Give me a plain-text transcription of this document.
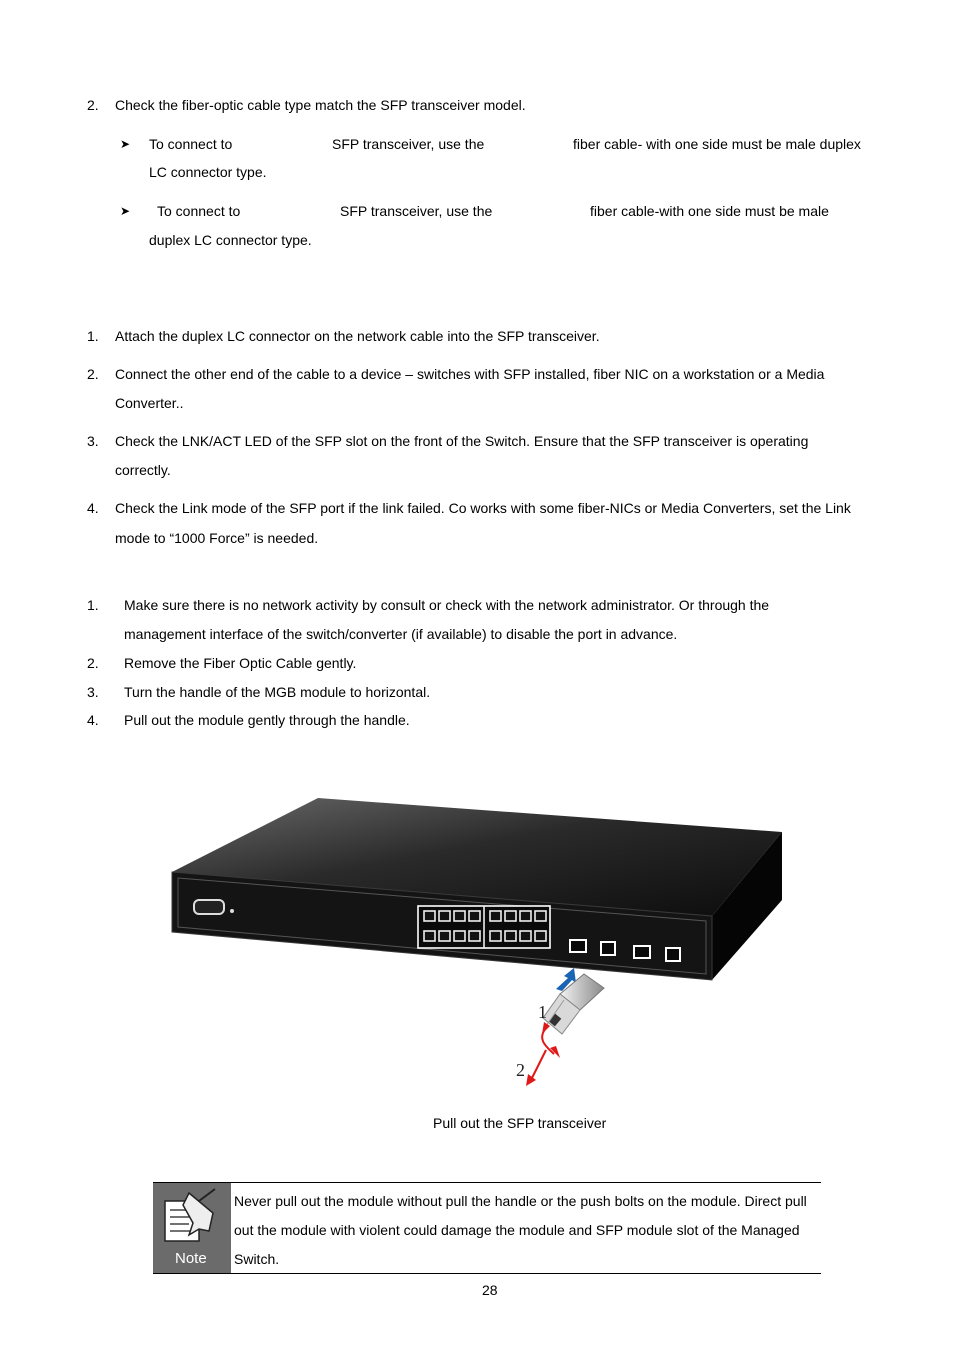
2. Check the fiber-optic cable type match the SFP transceiver model.
➤ To connect to	SFP transceiver, use the	fiber cable- with one side must be male duplex
LC connector type.
➤ To connect to	SFP transceiver, use the	fiber cable-with one side must be male
duplex LC connector type.
1. Attach the duplex LC connector on the network cable into the SFP transceiver.
2. Connect the other end of the cable to a device – switches with SFP installed, fiber NIC on a workstation or a Media
Converter..
3. Check the LNK/ACT LED of the SFP slot on the front of the Switch. Ensure that the SFP transceiver is operating
correctly.
4. Check the Link mode of the SFP port if the link failed. Co works with some fiber-NICs or Media Converters, set the Link
mode to “1000 Force” is needed.
1. Make sure there is no network activity by consult or check with the network administrator. Or through the
management interface of the switch/converter (if available) to disable the port in advance.
2. Remove the Fiber Optic Cable gently.
3. Turn the handle of the MGB module to horizontal.
4. Pull out the module gently through the handle.
1
2
Pull out the SFP transceiver
Note
Never pull out the module without pull the handle or the push bolts on the module. Direct pull out the module with violent could damage the module and SFP module slot of the Managed Switch.
28
